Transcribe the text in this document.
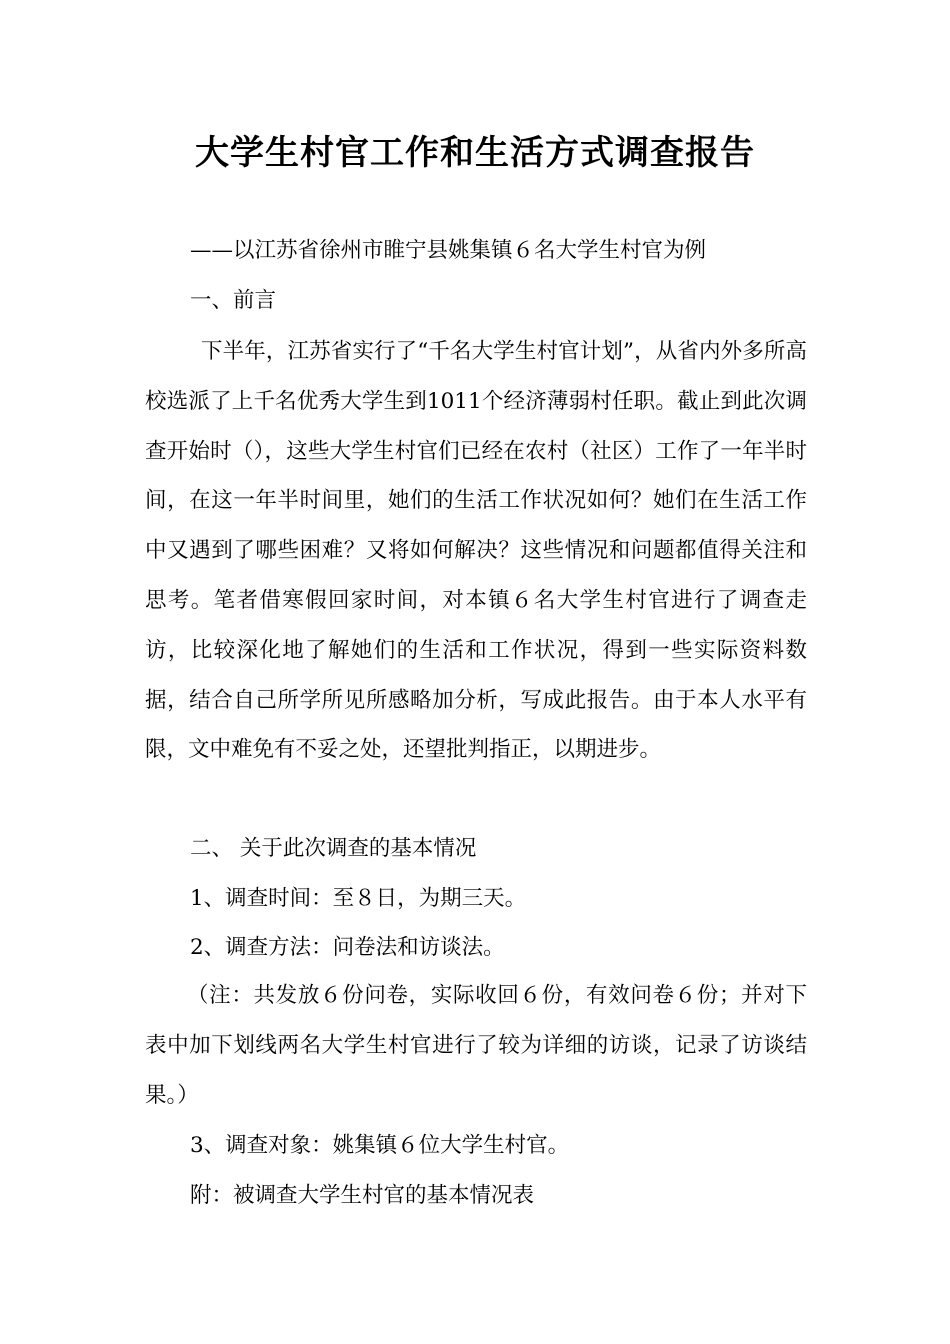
大学生村官工作和生活方式调查报告
——以江苏省徐州市睢宁县姚集镇６名大学生村官为例
一、前言

下半年，江苏省实行了“千名大学生村官计划”，从省内外多所高校选派了上千名优秀大学生到1011个经济薄弱村任职。截止到此次调查开始时（），这些大学生村官们已经在农村（社区）工作了一年半时间，在这一年半时间里，她们的生活工作状况如何？她们在生活工作中又遇到了哪些困难？又将如何解决？这些情况和问题都值得关注和思考。笔者借寒假回家时间，对本镇６名大学生村官进行了调查走访，比较深化地了解她们的生活和工作状况，得到一些实际资料数据，结合自己所学所见所感略加分析，写成此报告。由于本人水平有限，文中难免有不妥之处，还望批判指正，以期进步。

二、 关于此次调查的基本情况
1、调查时间：至８日，为期三天。
2、调查方法：问卷法和访谈法。

（注：共发放６份问卷，实际收回６份，有效问卷６份；并对下表中加下划线两名大学生村官进行了较为详细的访谈，记录了访谈结果。）

3、调查对象：姚集镇６位大学生村官。
附：被调查大学生村官的基本情况表
